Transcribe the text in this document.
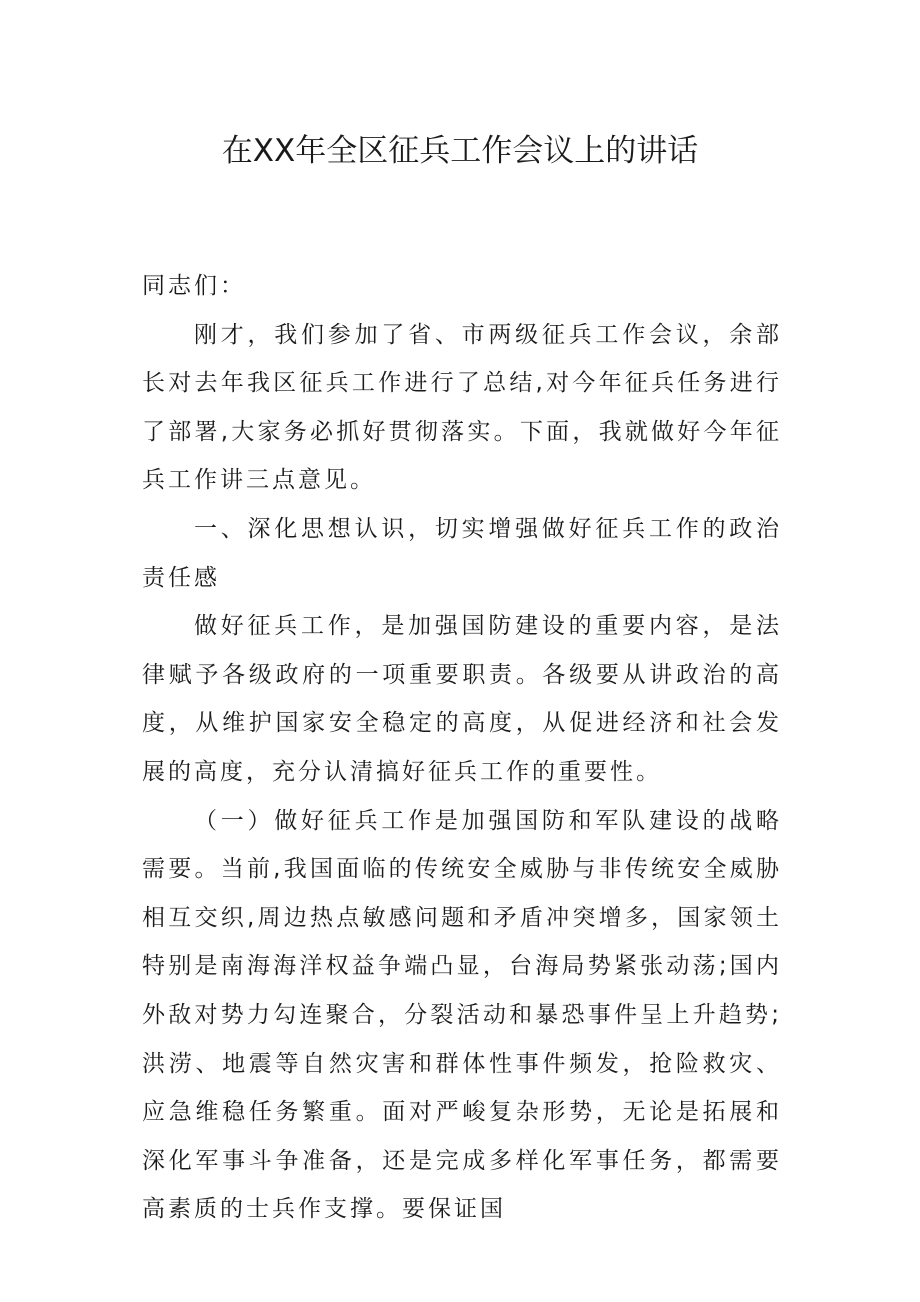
在XX年全区征兵工作会议上的讲话

同志们：

刚才，我们参加了省、市两级征兵工作会议，余部长对去年我区征兵工作进行了总结,对今年征兵任务进行了部署,大家务必抓好贯彻落实。下面，我就做好今年征兵工作讲三点意见。

一、深化思想认识，切实增强做好征兵工作的政治责任感

做好征兵工作，是加强国防建设的重要内容，是法律赋予各级政府的一项重要职责。各级要从讲政治的高度，从维护国家安全稳定的高度，从促进经济和社会发展的高度，充分认清搞好征兵工作的重要性。

（一）做好征兵工作是加强国防和军队建设的战略需要。当前,我国面临的传统安全威胁与非传统安全威胁相互交织,周边热点敏感问题和矛盾冲突增多，国家领土特别是南海海洋权益争端凸显，台海局势紧张动荡;国内外敌对势力勾连聚合，分裂活动和暴恐事件呈上升趋势;洪涝、地震等自然灾害和群体性事件频发，抢险救灾、应急维稳任务繁重。面对严峻复杂形势，无论是拓展和深化军事斗争准备，还是完成多样化军事任务，都需要高素质的士兵作支撑。要保证国
